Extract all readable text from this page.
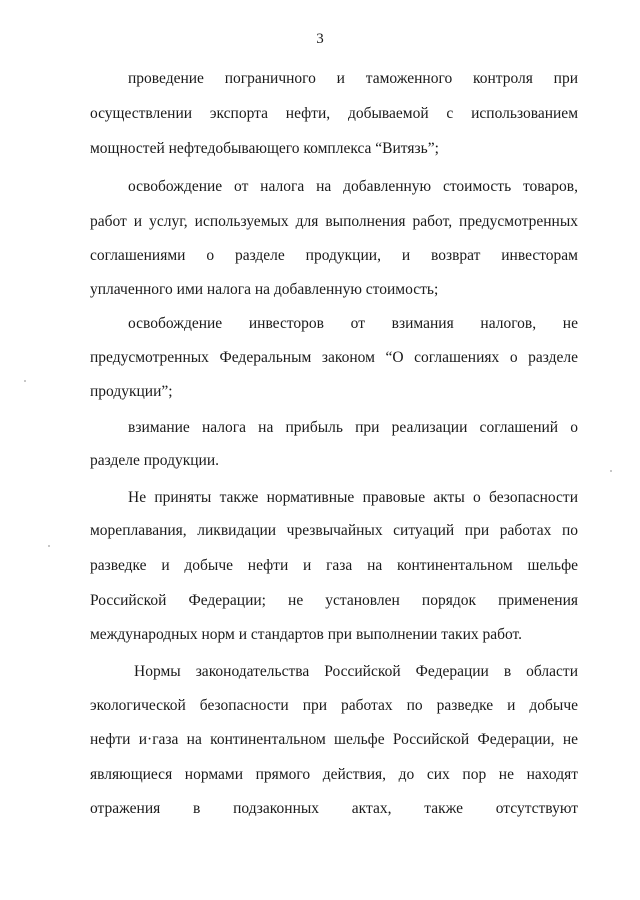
3
проведение пограничного и таможенного контроля при
осуществлении экспорта нефти, добываемой с использованием
мощностей нефтедобывающего комплекса “Витязь”;
освобождение от налога на добавленную стоимость товаров,
работ и услуг, используемых для выполнения работ, предусмотренных
соглашениями о разделе продукции, и возврат инвесторам
уплаченного ими налога на добавленную стоимость;
освобождение инвесторов от взимания налогов, не
предусмотренных Федеральным законом “О соглашениях о разделе
продукции”;
взимание налога на прибыль при реализации соглашений о
разделе продукции.
Не приняты также нормативные правовые акты о безопасности
мореплавания, ликвидации чрезвычайных ситуаций при работах по
разведке и добыче нефти и газа на континентальном шельфе
Российской Федерации; не установлен порядок применения
международных норм и стандартов при выполнении таких работ.
Нормы законодательства Российской Федерации в области
экологической безопасности при работах по разведке и добыче
нефти и·газа на континентальном шельфе Российской Федерации, не
являющиеся нормами прямого действия, до сих пор не находят
отражения в подзаконных актах, также отсутствуют
